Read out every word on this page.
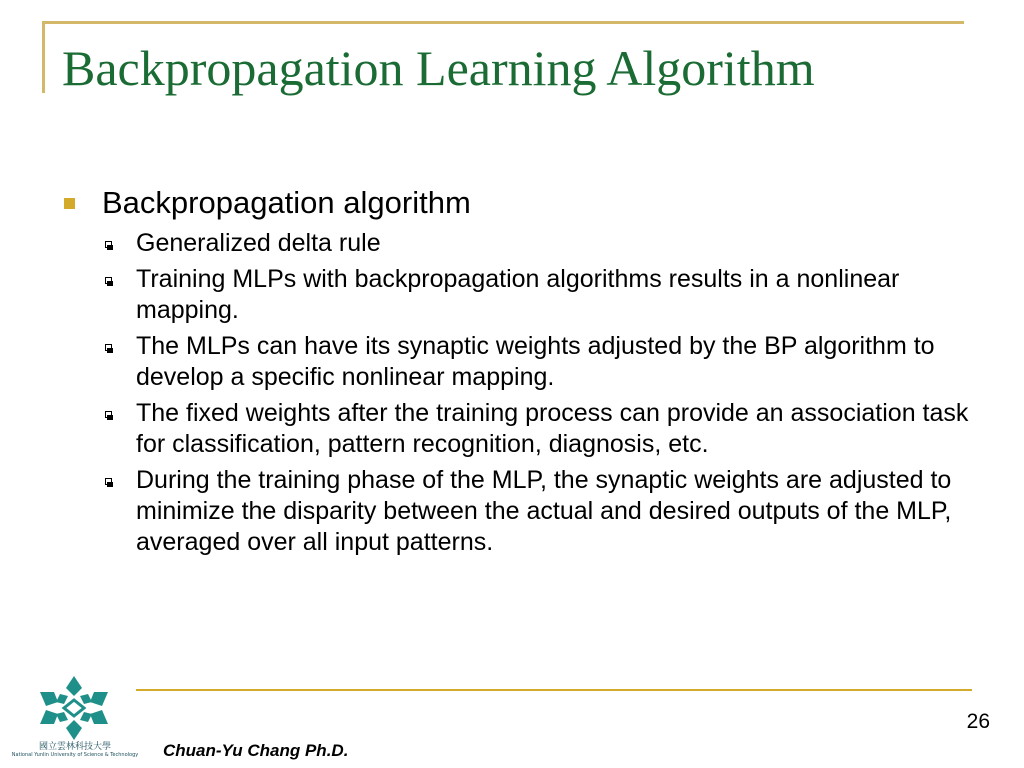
Backpropagation Learning Algorithm
Backpropagation algorithm
Generalized delta rule
Training MLPs with backpropagation algorithms results in a nonlinear mapping.
The MLPs can have its synaptic weights adjusted by the BP algorithm to develop a specific nonlinear mapping.
The fixed weights after the training process can provide an association task for classification, pattern recognition, diagnosis, etc.
During the training phase of the MLP, the synaptic weights are adjusted to minimize the disparity between the actual and desired outputs of the MLP, averaged over all input patterns.
國立雲林科技大學
National Yunlin University of Science & Technology
26
Chuan-Yu Chang Ph.D.
